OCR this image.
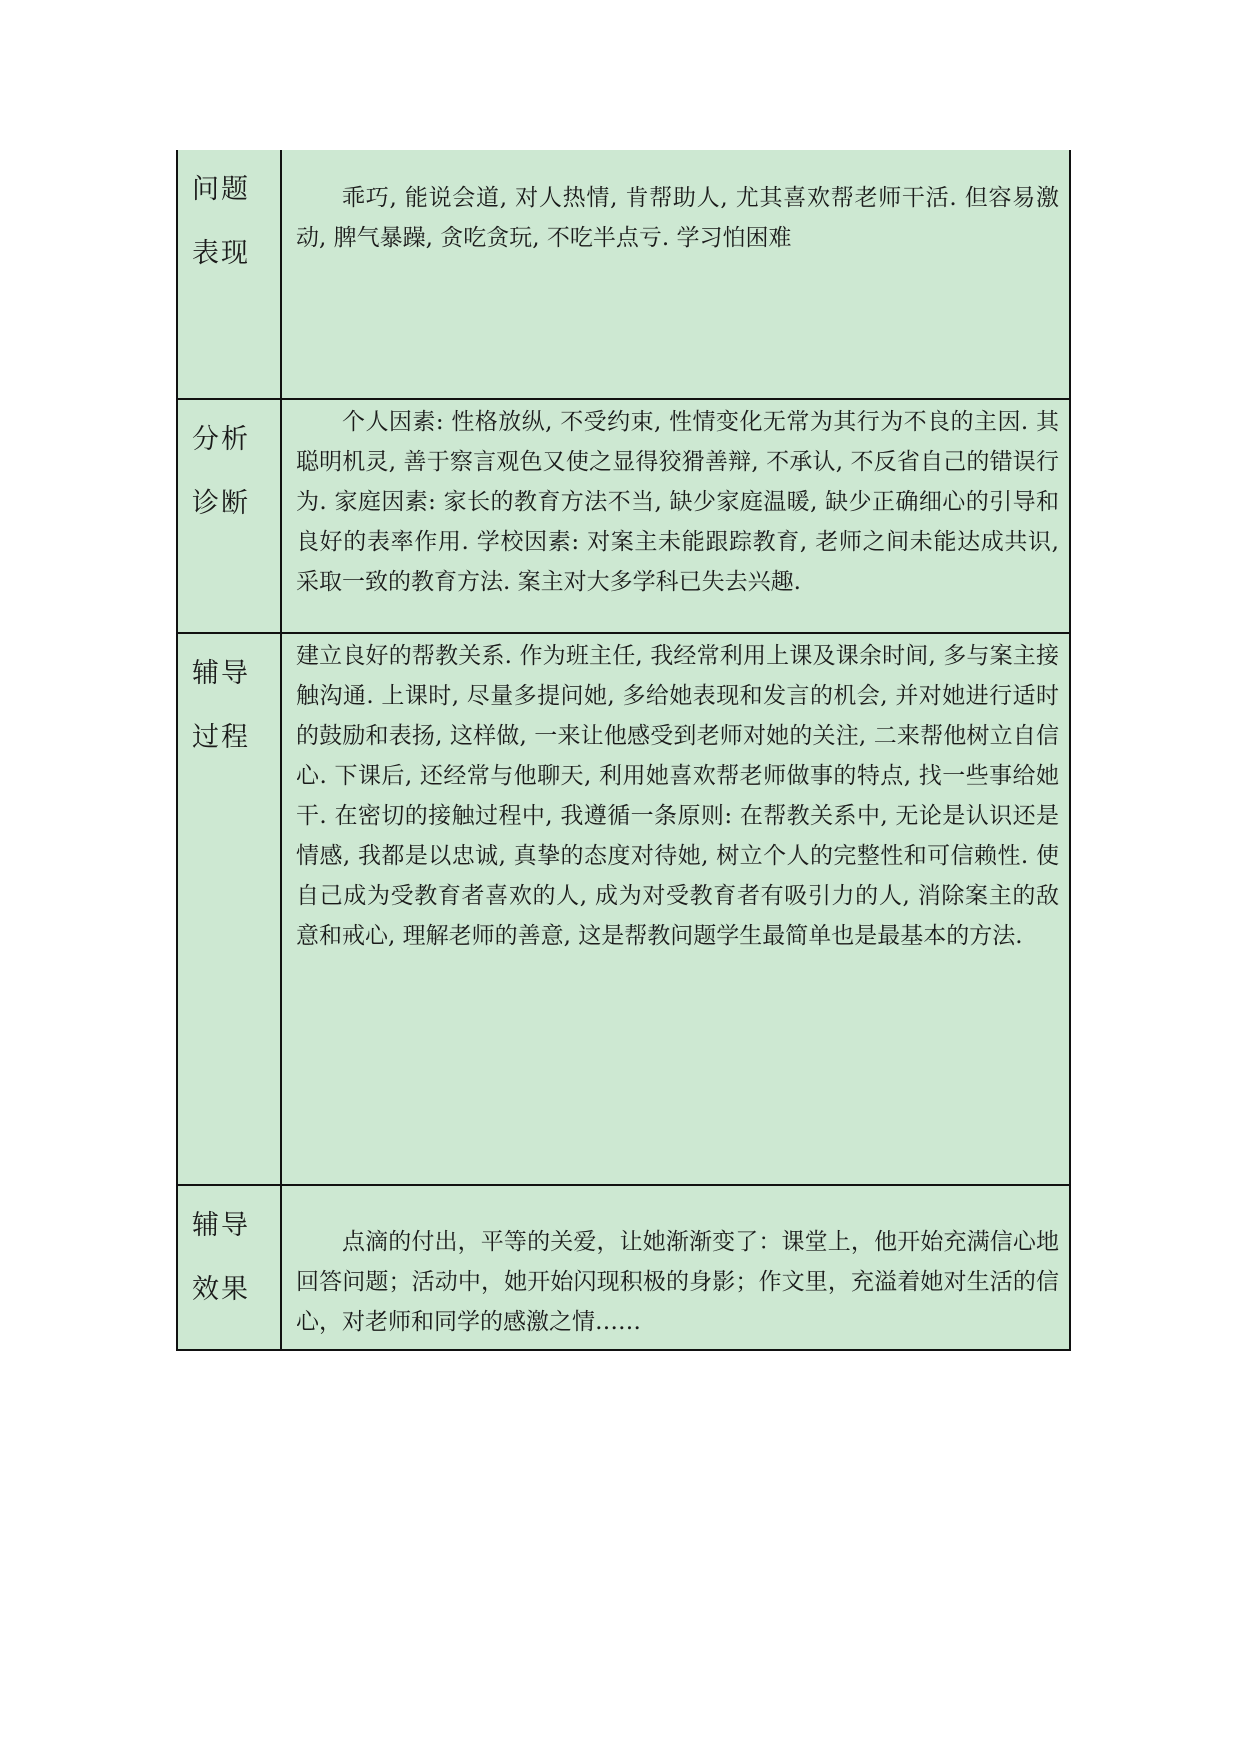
问题
表现	乖巧, 能说会道, 对人热情, 肯帮助人, 尤其喜欢帮老师干活. 但容易激动, 脾气暴躁, 贪吃贪玩, 不吃半点亏. 学习怕困难

分析
诊断	个人因素: 性格放纵, 不受约束, 性情变化无常为其行为不良的主因. 其聪明机灵, 善于察言观色又使之显得狡猾善辩, 不承认, 不反省自己的错误行为. 家庭因素: 家长的教育方法不当, 缺少家庭温暖, 缺少正确细心的引导和良好的表率作用. 学校因素: 对案主未能跟踪教育, 老师之间未能达成共识, 采取一致的教育方法. 案主对大多学科已失去兴趣.

辅导
过程	建立良好的帮教关系. 作为班主任, 我经常利用上课及课余时间, 多与案主接触沟通. 上课时, 尽量多提问她, 多给她表现和发言的机会, 并对她进行适时的鼓励和表扬, 这样做, 一来让他感受到老师对她的关注, 二来帮他树立自信心. 下课后, 还经常与他聊天, 利用她喜欢帮老师做事的特点, 找一些事给她干. 在密切的接触过程中, 我遵循一条原则: 在帮教关系中, 无论是认识还是情感, 我都是以忠诚, 真挚的态度对待她, 树立个人的完整性和可信赖性. 使自己成为受教育者喜欢的人, 成为对受教育者有吸引力的人, 消除案主的敌意和戒心, 理解老师的善意, 这是帮教问题学生最简单也是最基本的方法.

辅导
效果	点滴的付出，平等的关爱，让她渐渐变了：课堂上，他开始充满信心地回答问题；活动中，她开始闪现积极的身影；作文里，充溢着她对生活的信心，对老师和同学的感激之情……
